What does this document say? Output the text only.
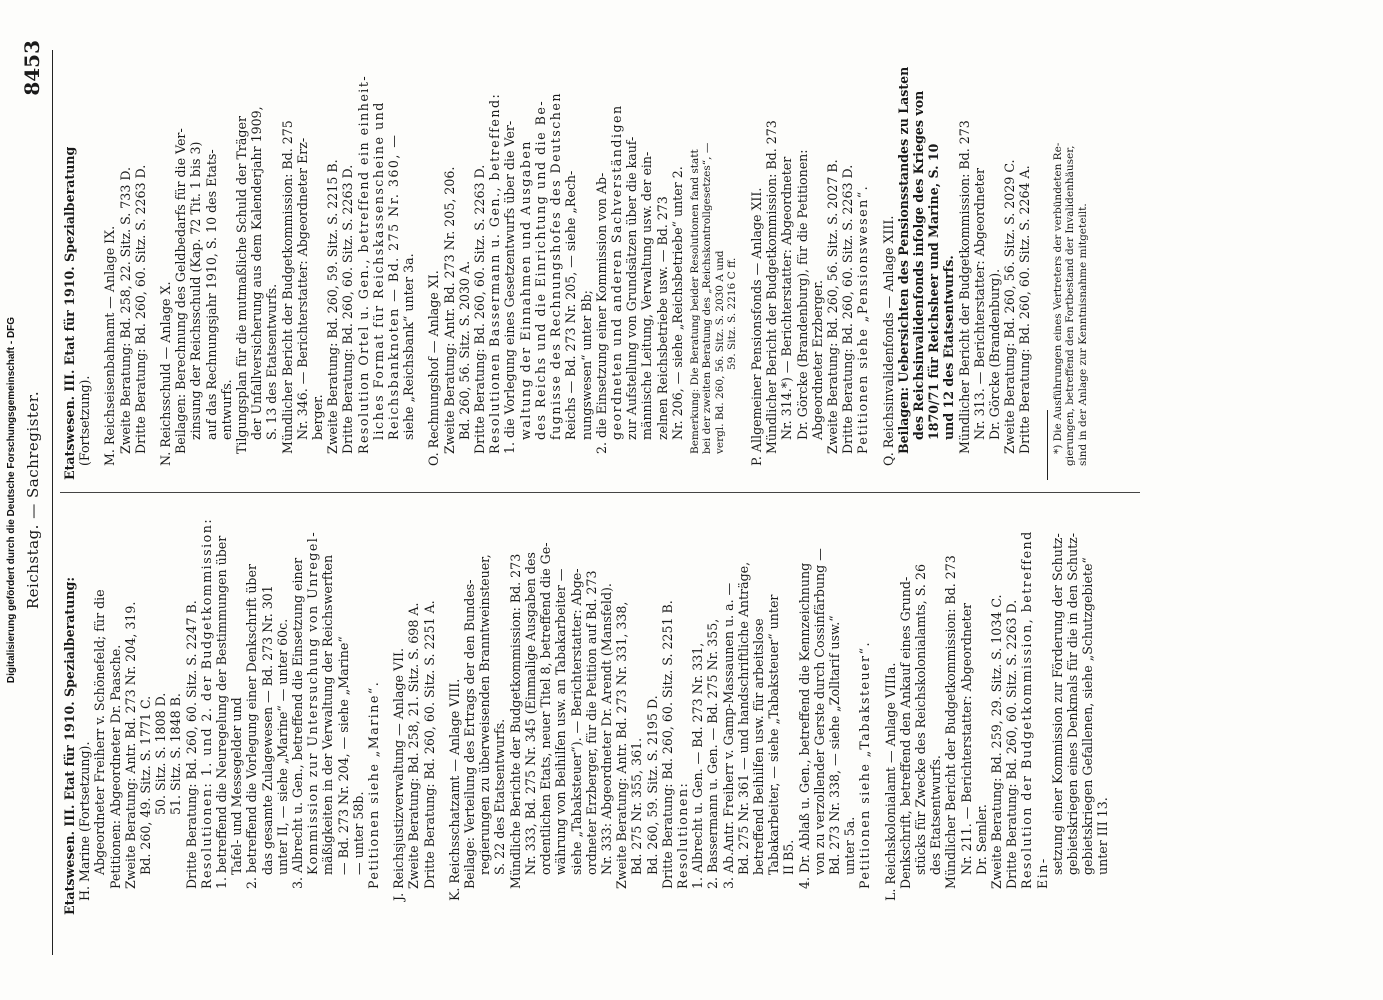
Digitalisierung gefördert durch die Deutsche Forschungsgemeinschaft - DFG Reichstag. — Sachregister.
8453

Etatswesen. III. Etat für 1910. Spezialberatung: H. Marine (Fortsetzung). Abgeordneter Freiherr v. Schönefeld; für die Petitionen: Abgeordneter Dr. Paasche. Zweite Beratung: Antr. Bd. 273 Nr. 204, 319. Bd. 260, 49. Sitz. S. 1771 C. 50. Sitz. S. 1808 D. 51. Sitz. S. 1848 B. Dritte Beratung: Bd. 260, 60. Sitz. S. 2247 B. Resolutionen: 1. und 2. der Budgetkommission: 1. betreffend die Neuregelung der Bestimmungen über Tafel- und Messegelder und 2. betreffend die Vorlegung einer Denkschrift über das gesamte Zulagewesen — Bd. 273 Nr. 301 unter II, — siehe „Marine“ — unter 60c. 3. Albrecht u. Gen., betreffend die Einsetzung einer Kommission zur Untersuchung von Unregel- mäßigkeiten in der Verwaltung der Reichswerften — Bd. 273 Nr. 204, — siehe „Marine“ — unter 58b. Petitionen siehe „Marine“. J. Reichsjustizverwaltung — Anlage VII. Zweite Beratung: Bd. 258, 21. Sitz. S. 698 A. Dritte Beratung: Bd. 260, 60. Sitz. S. 2251 A. K. Reichsschatzamt — Anlage VIII. Beilage: Verteilung des Ertrags der den Bundes- regierungen zu überweisenden Branntweinsteuer, S. 22 des Etatsentwurfs. Mündliche Berichte der Budgetkommission: Bd. 273 Nr. 333, Bd. 275 Nr. 345 (Einmalige Ausgaben des ordentlichen Etats, neuer Titel 8, betreffend die Ge- währung von Beihilfen usw. an Tabakarbeiter — siehe „Tabaksteuer“). — Berichterstatter: Abge- ordneter Erzberger, für die Petition auf Bd. 273 Nr. 333: Abgeordneter Dr. Arendt (Mansfeld). Zweite Beratung: Antr. Bd. 273 Nr. 331, 338, Bd. 275 Nr. 355, 361. Bd. 260, 59. Sitz. S. 2195 D. Dritte Beratung: Bd. 260, 60. Sitz. S. 2251 B. Resolutionen: 1. Albrecht u. Gen. — Bd. 273 Nr. 331, 2. Bassermann u. Gen. — Bd. 275 Nr. 355, 3. Ab.Antr. Freiherr v. Gamp-Massaunen u. a. — Bd. 275 Nr. 361 — und handschriftliche Anträge, betreffend Beihilfen usw. für arbeitslose Tabakarbeiter, — siehe „Tabaksteuer“ unter II B5. 4. Dr. Ablaß u. Gen., betreffend die Kennzeichnung von zu verzollender Gerste durch Cossinfärbung — Bd. 273 Nr. 338, — siehe „Zolltarif usw.“ unter 5a. Petitionen siehe „Tabaksteuer“. L. Reichskolonialamt — Anlage VIIIa. Denkschrift, betreffend den Ankauf eines Grund- stücks für Zwecke des Reichskolonialamts, S. 26 des Etatsentwurfs. Mündlicher Bericht der Budgetkommission: Bd. 273 Nr. 211. — Berichterstatter: Abgeordneter Dr. Semler. Zweite Beratung: Bd. 259, 29. Sitz. S. 1034 C. Dritte Beratung: Bd. 260, 60. Sitz. S. 2263 D. Resolution der Budgetkommission, betreffend Ein- setzung einer Kommission zur Förderung der Schutz- gebietskriegen eines Denkmals für die in den Schutz- gebietskriegen Gefallenen, siehe „Schutzgebiete“ unter III 13.

Etatswesen. III. Etat für 1910. Spezialberatung (Fortsetzung). M. Reichseisenbahnamt — Anlage IX. Zweite Beratung: Bd. 258, 22. Sitz. S. 733 D. Dritte Beratung: Bd. 260, 60. Sitz. S. 2263 D. N. Reichsschuld — Anlage X. Beilagen: Berechnung des Geldbedarfs für die Ver- zinsung der Reichsschuld (Kap. 72 Tit. 1 bis 3) auf das Rechnungsjahr 1910, S. 10 des Etats- entwurfs. Tilgungsplan für die mutmaßliche Schuld der Träger der Unfallversicherung aus dem Kalenderjahr 1909, S. 13 des Etatsentwurfs. Mündlicher Bericht der Budgetkommission: Bd. 275 Nr. 346. — Berichterstatter: Abgeordneter Erz- berger. Zweite Beratung: Bd. 260, 59. Sitz. S. 2215 B. Dritte Beratung: Bd. 260, 60. Sitz. S. 2263 D. Resolution Ortel u. Gen., betreffend ein einheit- liches Format für Reichskassenscheine und Reichsbanknoten — Bd. 275 Nr. 360, — siehe „Reichsbank“ unter 3a. O. Rechnungshof — Anlage XI. Zweite Beratung: Antr. Bd. 273 Nr. 205, 206. Bd. 260, 56. Sitz. S. 2030 A. Dritte Beratung: Bd. 260, 60. Sitz. S. 2263 D. Resolutionen Bassermann u. Gen., betreffend: 1. die Vorlegung eines Gesetzentwurfs über die Ver- waltung der Einnahmen und Ausgaben des Reichs und die Einrichtung und die Be- fugnisse des Rechnungshofes des Deutschen Reichs — Bd. 273 Nr. 205, — siehe „Rech- nungswesen“ unter Bb; 2. die Einsetzung einer Kommission von Ab- geordneten und anderen Sachverständigen zur Aufstellung von Grundsätzen über die kauf- männische Leitung, Verwaltung usw. der ein- zelnen Reichsbetriebe usw. — Bd. 273 Nr. 206, — siehe „Reichsbetriebe“ unter 2. Bemerkung: Die Beratung beider Resolutionen fand statt bei der zweiten Beratung des „Reichskontrollgesetzes“, — vergl. Bd. 260, 56. Sitz. S. 2030 A und 59. Sitz. S. 2216 C ff. P. Allgemeiner Pensionsfonds — Anlage XII. Mündlicher Bericht der Budgetkommission: Bd. 273 Nr. 314.*) — Berichterstatter: Abgeordneter Dr. Görcke (Brandenburg), für die Petitionen: Abgeordneter Erzberger. Zweite Beratung: Bd. 260, 56. Sitz. S. 2027 B. Dritte Beratung: Bd. 260, 60. Sitz. S. 2263 D. Petitionen siehe „Pensionswesen“. Q. Reichsinvalidenfonds — Anlage XIII. Beilagen: Uebersichten des Pensionsstandes zu Lasten des Reichsinvalidenfonds infolge des Krieges von 1870/71 für Reichsheer und Marine, S. 10 und 12 des Etatsentwurfs. Mündlicher Bericht der Budgetkommission: Bd. 273 Nr. 313. — Berichterstatter: Abgeordneter Dr. Görcke (Brandenburg). Zweite Beratung: Bd. 260, 56. Sitz. S. 2029 C. Dritte Beratung: Bd. 260, 60. Sitz. S. 2264 A. *) Die Ausführungen eines Vertreters der verbündeten Re- gierungen, betreffend den Fortbestand der Invalidenhäuser, sind in der Anlage zur Kenntnisnahme mitgeteilt.
